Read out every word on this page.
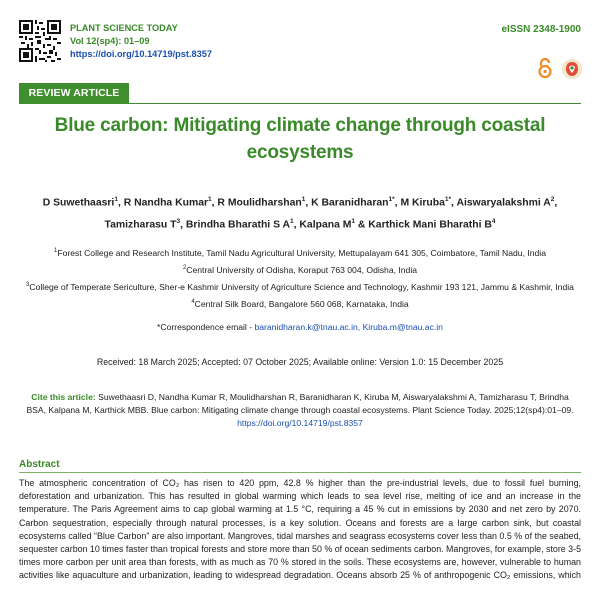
PLANT SCIENCE TODAY
Vol 12(sp4): 01–09
https://doi.org/10.14719/pst.8357
eISSN 2348-1900
REVIEW ARTICLE
Blue carbon: Mitigating climate change through coastal ecosystems
D Suwethaasri$^1$, R Nandha Kumar$^1$, R Moulidharshan$^1$, K Baranidharan$^{1*}$, M Kiruba$^{1*}$, Aiswaryalakshmi $A^2$,
Tamizharasu $T^3$, Brindha Bharathi S $A^1$, Kalpana $M^1$ & Karthick Mani Bharathi $B^4$
$^1$Forest College and Research Institute, Tamil Nadu Agricultural University, Mettupalayam 641 305, Coimbatore, Tamil Nadu, India
$^2$Central University of Odisha, Koraput 763 004, Odisha, India
$^3$College of Temperate Sericulture, Sher-e Kashmir University of Agriculture Science and Technology, Kashmir 193 121, Jammu & Kashmir, India
$^4$Central Silk Board, Bangalore 560 068, Karnataka, India
*Correspondence email - baranidharan.k@tnau.ac.in, Kiruba.m@tnau.ac.in
Received: 18 March 2025; Accepted: 07 October 2025; Available online: Version 1.0: 15 December 2025
Cite this article: Suwethaasri D, Nandha Kumar R, Moulidharshan R, Baranidharan K, Kiruba M, Aiswaryalakshmi A, Tamizharasu T, Brindha BSA, Kalpana M, Karthick MBB. Blue carbon: Mitigating climate change through coastal ecosystems. Plant Science Today. 2025;12(sp4):01–09.
https://doi.org/10.14719/pst.8357
Abstract
The atmospheric concentration of CO₂ has risen to 420 ppm, 42.8 % higher than the pre-industrial levels, due to fossil fuel burning,
deforestation and urbanization. This has resulted in global warming which leads to sea level rise, melting of ice and an increase in the
temperature. The Paris Agreement aims to cap global warming at 1.5 °C, requiring a 45 % cut in emissions by 2030 and net zero by 2070.
Carbon sequestration, especially through natural processes, is a key solution. Oceans and forests are a large carbon sink, but coastal
ecosystems called “Blue Carbon” are also important. Mangroves, tidal marshes and seagrass ecosystems cover less than 0.5 % of the seabed,
sequester carbon 10 times faster than tropical forests and store more than 50 % of ocean sediments carbon. Mangroves, for example, store 3-5
times more carbon per unit area than forests, with as much as 70 % stored in the soils. These ecosystems are, however, vulnerable to human
activities like aquaculture and urbanization, leading to widespread degradation. Oceans absorb 25 % of anthropogenic CO₂ emissions, which
